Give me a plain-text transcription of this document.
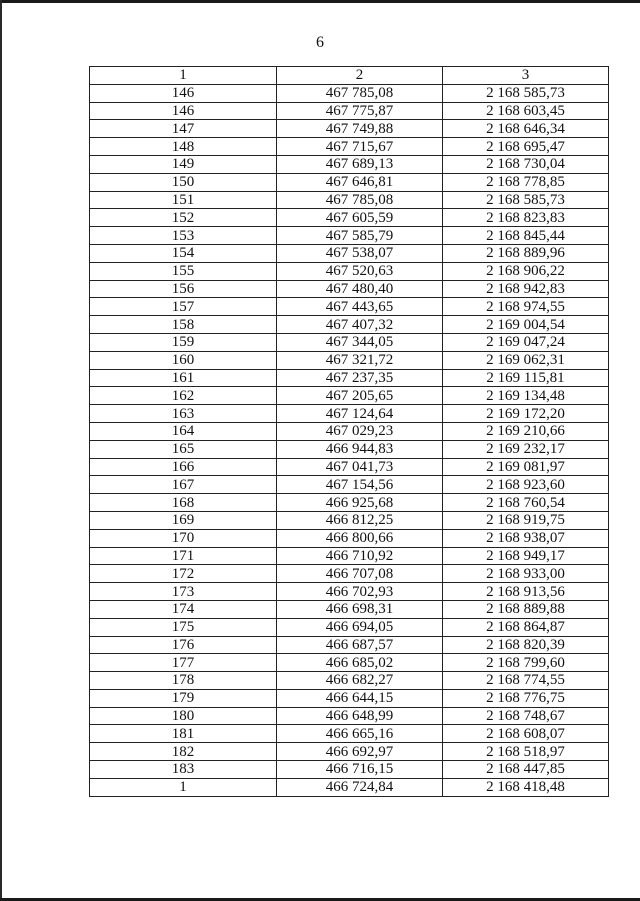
6
1	2	3
146	467 785,08	2 168 585,73
146	467 775,87	2 168 603,45
147	467 749,88	2 168 646,34
148	467 715,67	2 168 695,47
149	467 689,13	2 168 730,04
150	467 646,81	2 168 778,85
151	467 785,08	2 168 585,73
152	467 605,59	2 168 823,83
153	467 585,79	2 168 845,44
154	467 538,07	2 168 889,96
155	467 520,63	2 168 906,22
156	467 480,40	2 168 942,83
157	467 443,65	2 168 974,55
158	467 407,32	2 169 004,54
159	467 344,05	2 169 047,24
160	467 321,72	2 169 062,31
161	467 237,35	2 169 115,81
162	467 205,65	2 169 134,48
163	467 124,64	2 169 172,20
164	467 029,23	2 169 210,66
165	466 944,83	2 169 232,17
166	467 041,73	2 169 081,97
167	467 154,56	2 168 923,60
168	466 925,68	2 168 760,54
169	466 812,25	2 168 919,75
170	466 800,66	2 168 938,07
171	466 710,92	2 168 949,17
172	466 707,08	2 168 933,00
173	466 702,93	2 168 913,56
174	466 698,31	2 168 889,88
175	466 694,05	2 168 864,87
176	466 687,57	2 168 820,39
177	466 685,02	2 168 799,60
178	466 682,27	2 168 774,55
179	466 644,15	2 168 776,75
180	466 648,99	2 168 748,67
181	466 665,16	2 168 608,07
182	466 692,97	2 168 518,97
183	466 716,15	2 168 447,85
1	466 724,84	2 168 418,48
